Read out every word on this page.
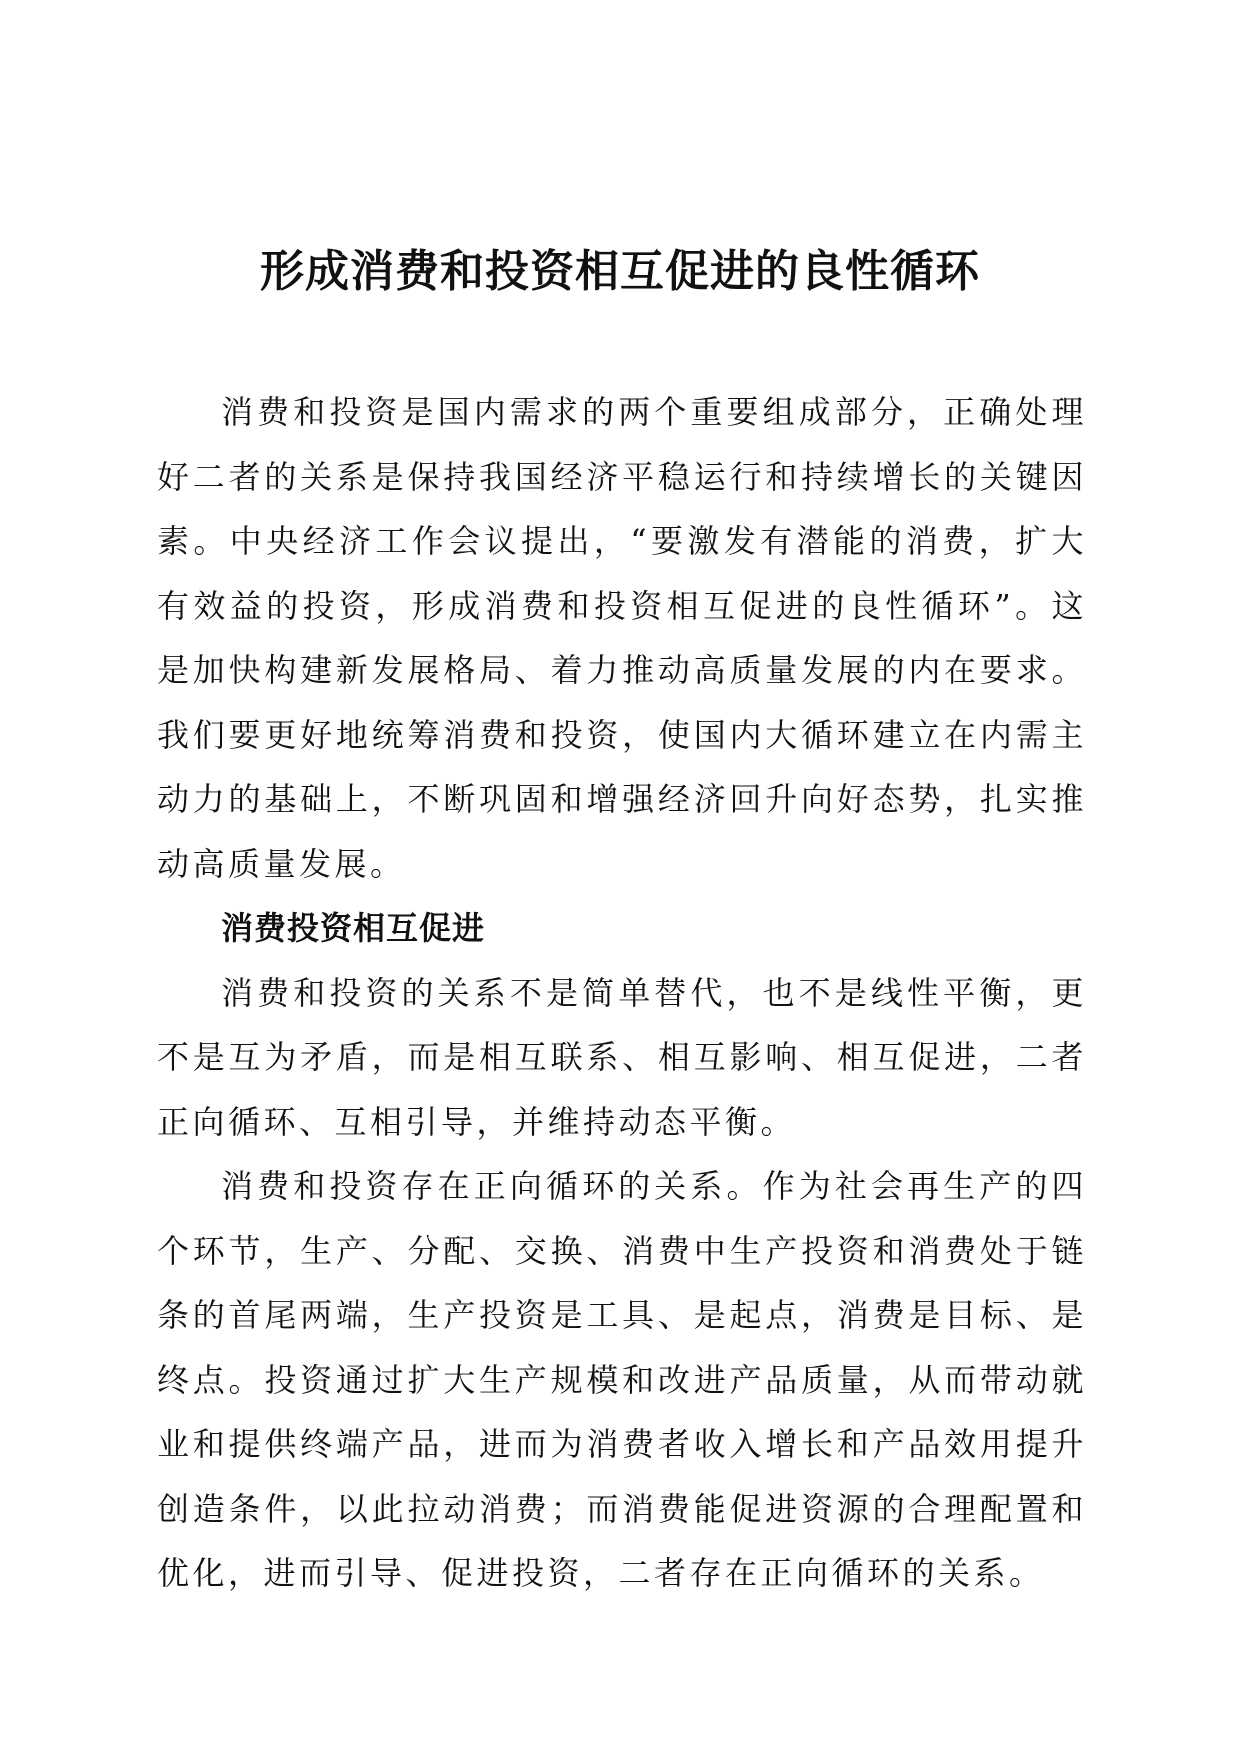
形成消费和投资相互促进的良性循环

消费和投资是国内需求的两个重要组成部分，正确处理好二者的关系是保持我国经济平稳运行和持续增长的关键因素。中央经济工作会议提出，“要激发有潜能的消费，扩大有效益的投资，形成消费和投资相互促进的良性循环”。这是加快构建新发展格局、着力推动高质量发展的内在要求。我们要更好地统筹消费和投资，使国内大循环建立在内需主动力的基础上，不断巩固和增强经济回升向好态势，扎实推动高质量发展。

消费投资相互促进

消费和投资的关系不是简单替代，也不是线性平衡，更不是互为矛盾，而是相互联系、相互影响、相互促进，二者正向循环、互相引导，并维持动态平衡。

消费和投资存在正向循环的关系。作为社会再生产的四个环节，生产、分配、交换、消费中生产投资和消费处于链条的首尾两端，生产投资是工具、是起点，消费是目标、是终点。投资通过扩大生产规模和改进产品质量，从而带动就业和提供终端产品，进而为消费者收入增长和产品效用提升创造条件，以此拉动消费；而消费能促进资源的合理配置和优化，进而引导、促进投资，二者存在正向循环的关系。
